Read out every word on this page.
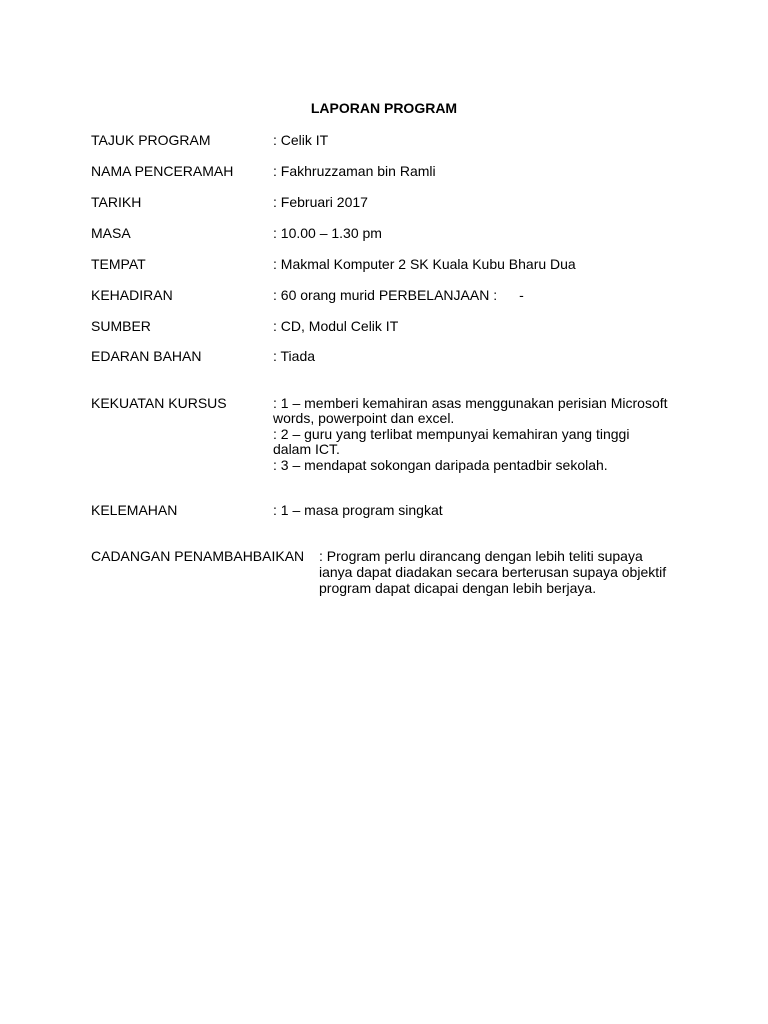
LAPORAN PROGRAM
TAJUK PROGRAM	: Celik IT
NAMA PENCERAMAH	: Fakhruzzaman bin Ramli
TARIKH	: Februari 2017
MASA	: 10.00 – 1.30 pm
TEMPAT	: Makmal Komputer 2 SK Kuala Kubu Bharu Dua
KEHADIRAN	: 60 orang murid PERBELANJAAN : -
SUMBER	: CD, Modul Celik IT
EDARAN BAHAN	: Tiada
KEKUATAN KURSUS	: 1 – memberi kemahiran asas menggunakan perisian Microsoft
words, powerpoint dan excel.
: 2 – guru yang terlibat mempunyai kemahiran yang tinggi
dalam ICT.
: 3 – mendapat sokongan daripada pentadbir sekolah.
KELEMAHAN	: 1 – masa program singkat
CADANGAN PENAMBAHBAIKAN : Program perlu dirancang dengan lebih teliti supaya
ianya dapat diadakan secara berterusan supaya objektif
program dapat dicapai dengan lebih berjaya.
